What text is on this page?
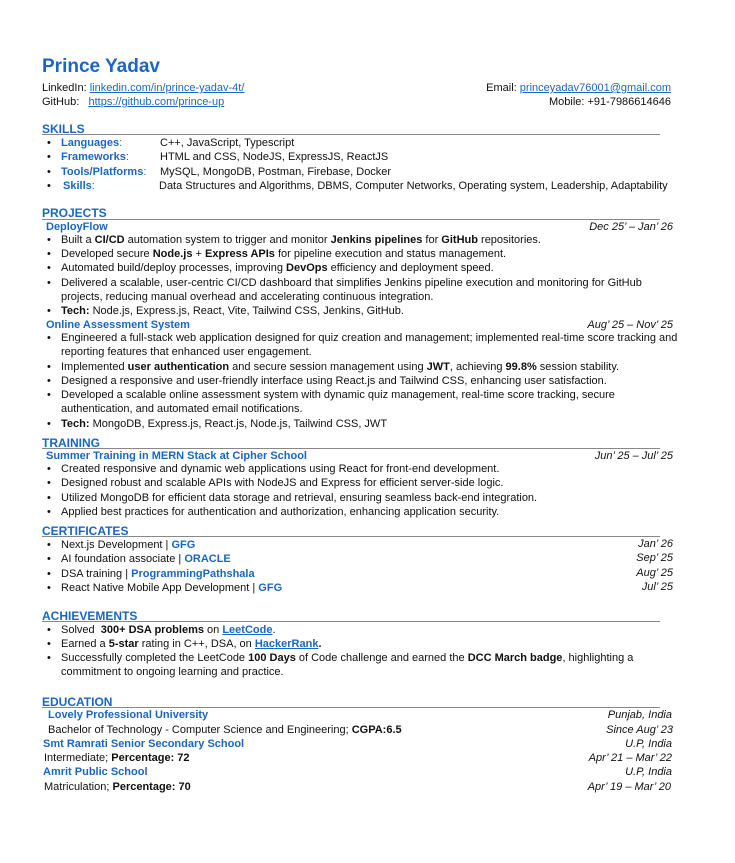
Prince Yadav
LinkedIn: linkedin.com/in/prince-yadav-4t/
GitHub: https://github.com/prince-up
Email: princeyadav76001@gmail.com
Mobile: +91-7986614646
SKILLS
• Languages:	C++, JavaScript, Typescript
• Frameworks:	HTML and CSS, NodeJS, ExpressJS, ReactJS
• Tools/Platforms: MySQL, MongoDB, Postman, Firebase, Docker
• Skills:	Data Structures and Algorithms, DBMS, Computer Networks, Operating system, Leadership, Adaptability
PROJECTS
DeployFlow	Dec 25’ – Jan’ 26
• Built a CI/CD automation system to trigger and monitor Jenkins pipelines for GitHub repositories.
• Developed secure Node.js + Express APIs for pipeline execution and status management.
• Automated build/deploy processes, improving DevOps efficiency and deployment speed.
• Delivered a scalable, user-centric CI/CD dashboard that simplifies Jenkins pipeline execution and monitoring for GitHub
projects, reducing manual overhead and accelerating continuous integration.
• Tech: Node.js, Express.js, React, Vite, Tailwind CSS, Jenkins, GitHub.
Online Assessment System	Aug’ 25 – Nov’ 25
• Engineered a full-stack web application designed for quiz creation and management; implemented real-time score tracking and
reporting features that enhanced user engagement.
• Implemented user authentication and secure session management using JWT, achieving 99.8% session stability.
• Designed a responsive and user-friendly interface using React.js and Tailwind CSS, enhancing user satisfaction.
• Developed a scalable online assessment system with dynamic quiz management, real-time score tracking, secure
authentication, and automated email notifications.
• Tech: MongoDB, Express.js, React.js, Node.js, Tailwind CSS, JWT
TRAINING
Summer Training in MERN Stack at Cipher School	Jun’ 25 – Jul’ 25
• Created responsive and dynamic web applications using React for front-end development.
• Designed robust and scalable APIs with NodeJS and Express for efficient server-side logic.
• Utilized MongoDB for efficient data storage and retrieval, ensuring seamless back-end integration.
• Applied best practices for authentication and authorization, enhancing application security.
CERTIFICATES
• Next.js Development | GFG	Jan’ 26
• AI foundation associate | ORACLE	Sep’ 25
• DSA training | ProgrammingPathshala	Aug’ 25
• React Native Mobile App Development | GFG	Jul’ 25
ACHIEVEMENTS
• Solved  300+ DSA problems on LeetCode.
• Earned a 5-star rating in C++, DSA, on HackerRank.
• Successfully completed the LeetCode 100 Days of Code challenge and earned the DCC March badge, highlighting a
commitment to ongoing learning and practice.
EDUCATION
Lovely Professional University	Punjab, India
Bachelor of Technology - Computer Science and Engineering; CGPA:6.5	Since Aug’ 23
Smt Ramrati Senior Secondary School	U.P, India
Intermediate; Percentage: 72	Apr’ 21 – Mar’ 22
Amrit Public School	U.P, India
Matriculation; Percentage: 70	Apr’ 19 – Mar’ 20
